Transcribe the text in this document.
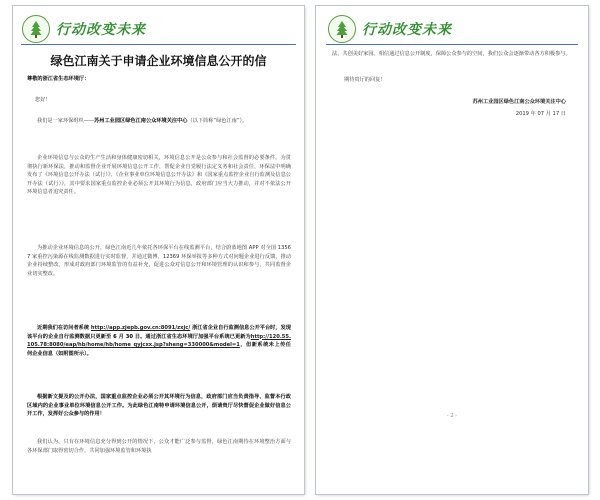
行动改变未来
绿色江南关于申请企业环境信息公开的信

尊敬的浙江省生态环境厅：

您好！

我们是一家环保组织——苏州工业园区绿色江南公众环境关注中心（以下简称“绿色江南”）。

企业环境信息与公众的生产生活和身体健康密切相关，环境信息公开是公众参与和社会监督的必要条件。为贯彻执行新环保法，推动和监督企业开展环境信息公开工作，帮促企业自觉履行法定义务和社会责任，环保法中明确发布了《环境信息公开办法（试行）》、《企业事业单位环境信息公开办法》和《国家重点监控企业自行监测及信息公开办法（试行）》，其中要求国家重点监控企业必须公开其环境行为信息，政府部门应当大力推动，并对不依法公开环境信息者追究责任。

为推动企业环境信息的公开，绿色江南近几年依托各环保平台在线监测平台，结合蔚蓝地图 APP 对全国 13567 家重控污染源在线监测数据进行实时监督，并通过微博、12369 环保举报等多种方式对问题企业进行反馈，推动企业持续整改，形成对政府部门环境监管的有益补充，促进公众对信息公开和环境管理的认识和参与，共同监督企业切实整改。

近期我们在访问者系统 http://app.zjepb.gov.cn:8091/zxjc/ 浙江省企业自行监测信息公开平台时，发现该平台的企业自行监测数据只更新至 6 月 30 日。通过浙江省生态环境厅加强平台系统已更新为http://120.55.105.78:8080/eap/hb/home/hb/home_qyjcxx.jsp?sheng=330000&model=1，但新系统未上传任何企业信息（如附图所示）。

根据新文提及的公开办法，国家重点监控企业必须公开其环境行为信息，政府部门应当负责指导、监督本行政区域内的企业事业单位环境信息公开工作。为此绿色江南特申请环境信息公开，烦请贵厅尽快督促企业做好信息公开工作，发挥好公众参与的作用！

我们认为，只有在环境信息充分得到公开的情况下，公众才能广泛参与监督，绿色江南期待在环境整治方面与各环保部门取得密切合作，共同加强环境监管和环境执

行动改变未来

法，共创美好家园。相信通过信息公开制度，保障公众参与的空间，我们公众会逐渐带动各方积极参与。

期待贵厅的回复！

苏州工业园区绿色江南公众环境关注中心

2019 年 07 月 17 日

- 2 -
